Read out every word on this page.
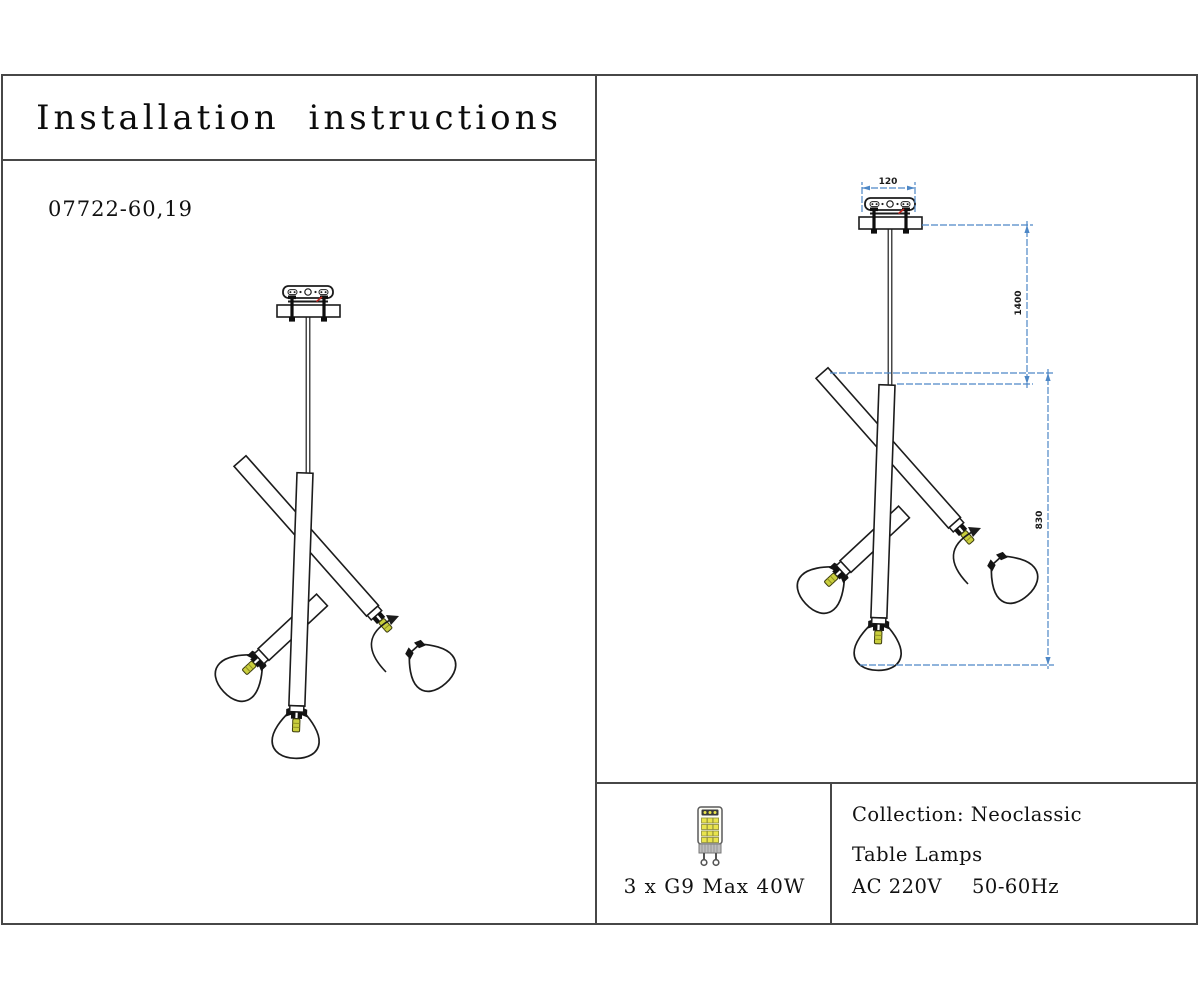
120
1400
830
Installation instructions
07722-60,19
3 x G9 Max 40W
Collection: Neoclassic
Table Lamps
AC 220V 50-60Hz
